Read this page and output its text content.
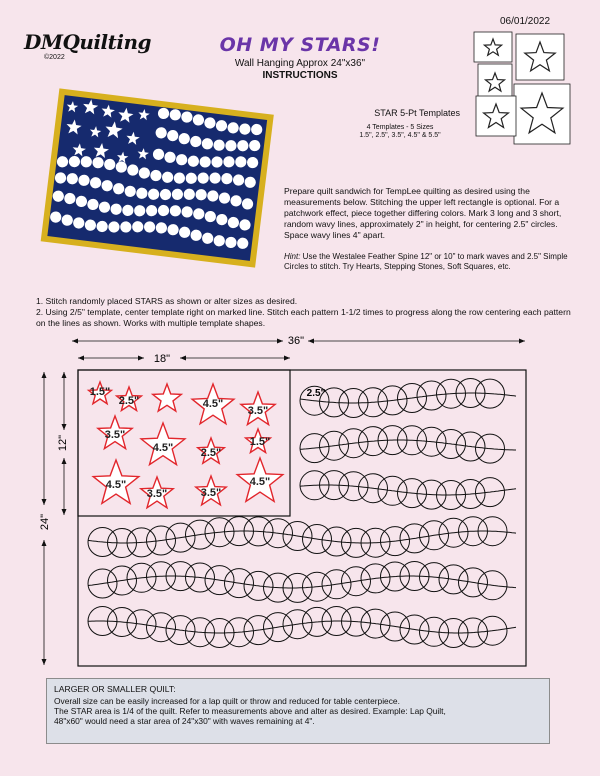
DMQuilting
©2022
06/01/2022
OH MY STARS!
Wall Hanging Approx 24"x36"
INSTRUCTIONS
STAR 5-Pt Templates
4 Templates - 5 Sizes
1.5", 2.5", 3.5", 4.5" & 5.5"
Prepare quilt sandwich for TempLee quilting as desired using the measurements below. Stitching the upper left rectangle is optional. For a patchwork effect, piece together differing colors. Mark 3 long and 3 short, random wavy lines, approximately 2" in height, for centering 2.5" circles. Space wavy lines 4" apart.
Hint: Use the Westalee Feather Spine 12" or 10" to mark waves and 2.5" Simple Circles to stitch. Try Hearts, Stepping Stones, Soft Squares, etc.
1. Stitch randomly placed STARS as shown or alter sizes as desired.
2. Using 2/5" template, center template right on marked line. Stitch each pattern 1-1/2 times to progress along the row centering each pattern on the lines as shown. Works with multiple template shapes.
1.5"
2.5"	4.5"
3.5"
3.5"
4.5" 2.5"
1.5"
4.5"
3.5"	3.5"
4.5"
36"
18"
24"
12"
2.5"
LARGER OR SMALLER QUILT:
Overall size can be easily increased for a lap quilt or throw and reduced for table centerpiece.
The STAR area is 1/4 of the quilt. Refer to measurements above and alter as desired. Example: Lap Quilt,
48"x60" would need a star area of 24"x30" with waves remaining at 4".
